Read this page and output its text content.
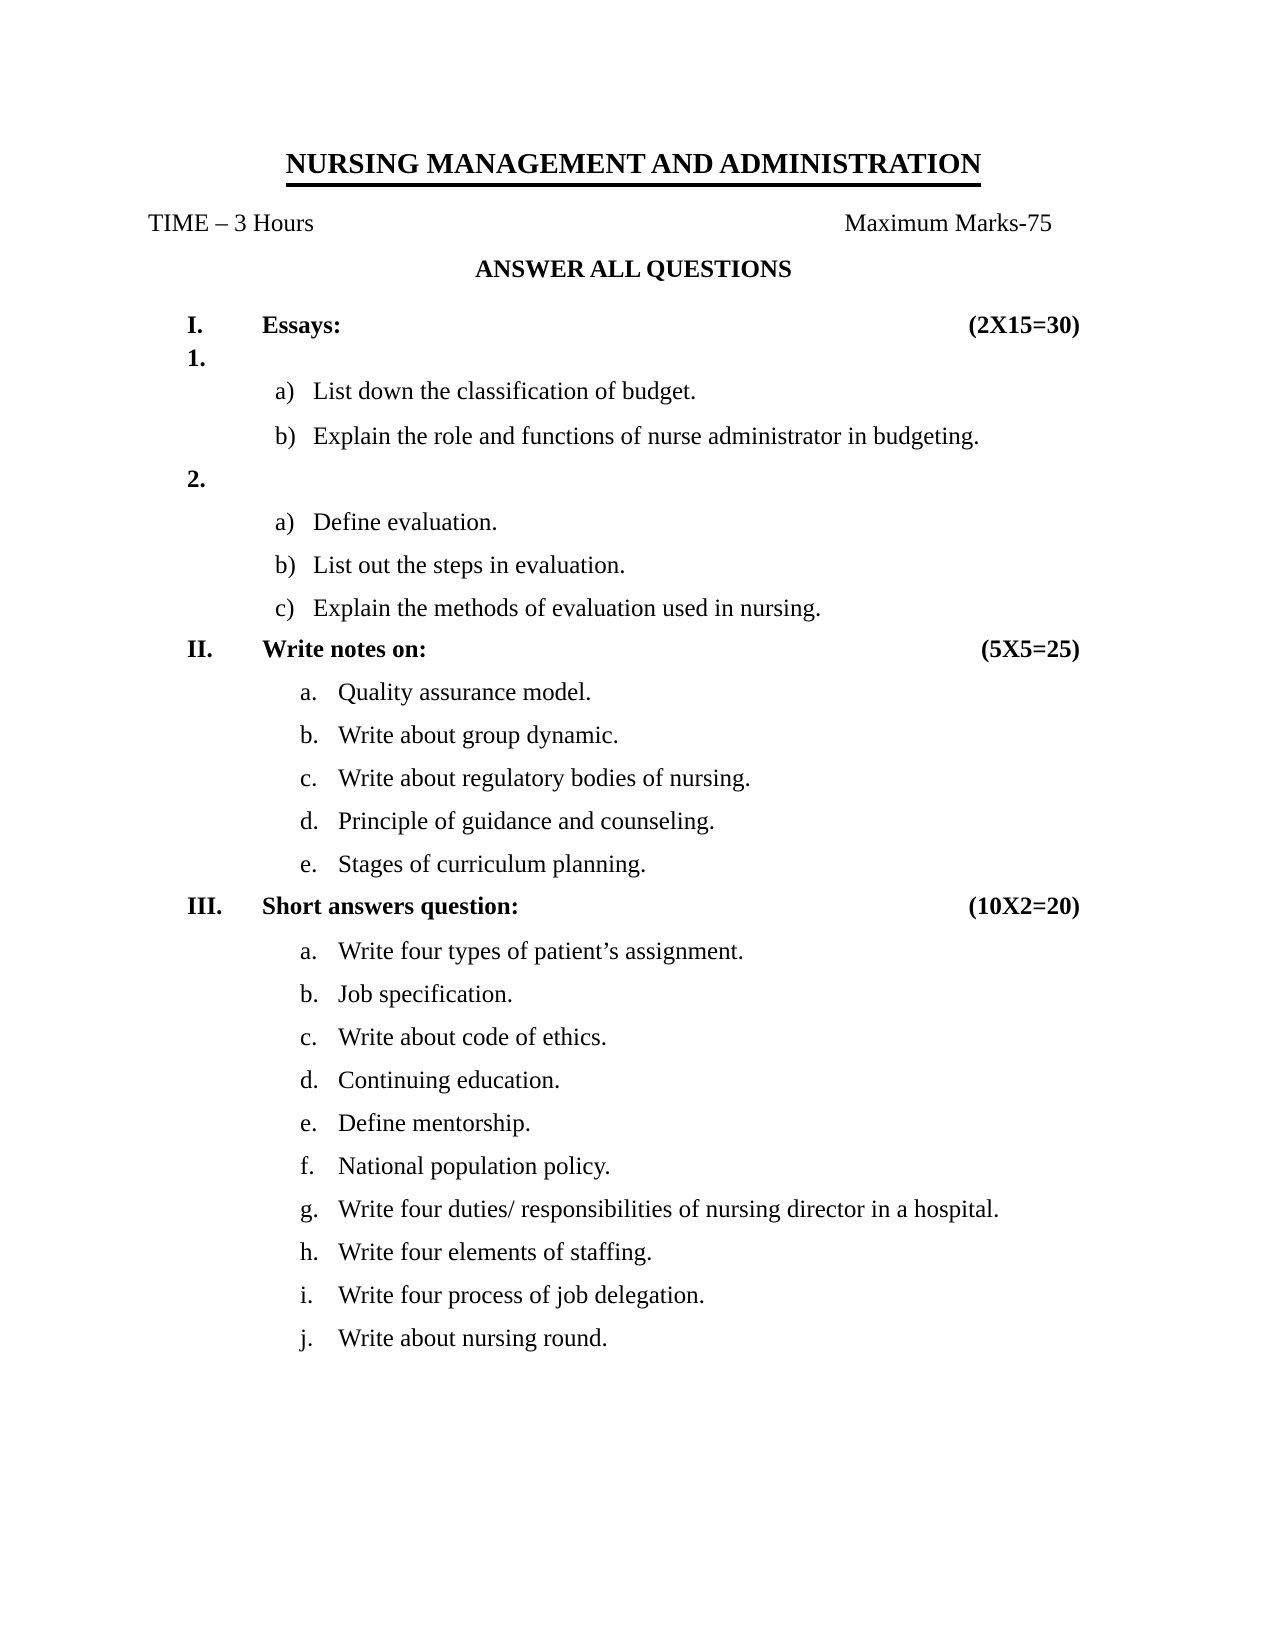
NURSING MANAGEMENT AND ADMINISTRATION
TIME – 3 Hours	Maximum Marks-75
ANSWER ALL QUESTIONS
I. Essays:	(2X15=30)
1.
a) List down the classification of budget.
b) Explain the role and functions of nurse administrator in budgeting.
2.
a) Define evaluation.
b) List out the steps in evaluation.
c) Explain the methods of evaluation used in nursing.
II. Write notes on:	(5X5=25)
a. Quality assurance model.
b. Write about group dynamic.
c. Write about regulatory bodies of nursing.
d. Principle of guidance and counseling.
e. Stages of curriculum planning.
III. Short answers question:	(10X2=20)
a. Write four types of patient’s assignment.
b. Job specification.
c. Write about code of ethics.
d. Continuing education.
e. Define mentorship.
f. National population policy.
g. Write four duties/ responsibilities of nursing director in a hospital.
h. Write four elements of staffing.
i. Write four process of job delegation.
j. Write about nursing round.
